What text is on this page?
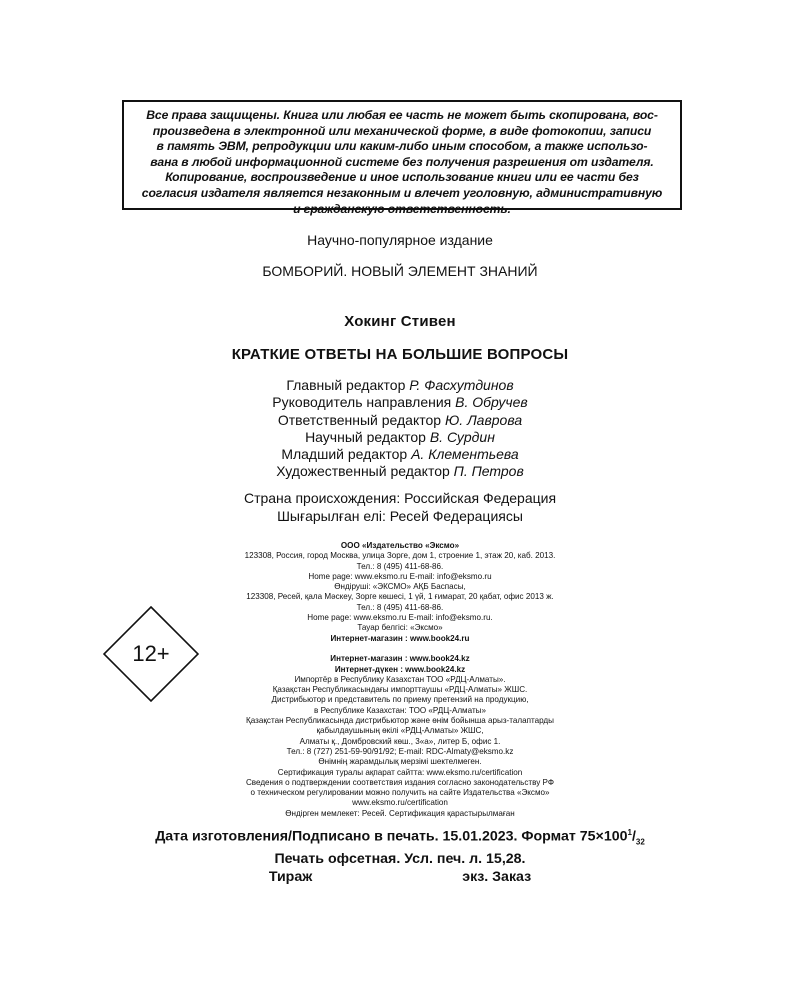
Все права защищены. Книга или любая ее часть не может быть скопирована, вос-
произведена в электронной или механической форме, в виде фотокопии, записи
в память ЭВМ, репродукции или каким-либо иным способом, а также использо-
вана в любой информационной системе без получения разрешения от издателя.
Копирование, воспроизведение и иное использование книги или ее части без
согласия издателя является незаконным и влечет уголовную, административную
и гражданскую ответственность.
Научно-популярное издание
БОМБОРИЙ. НОВЫЙ ЭЛЕМЕНТ ЗНАНИЙ
Хокинг Стивен
КРАТКИЕ ОТВЕТЫ НА БОЛЬШИЕ ВОПРОСЫ
Главный редактор Р. Фасхутдинов
Руководитель направления В. Обручев
Ответственный редактор Ю. Лаврова
Научный редактор В. Сурдин
Младший редактор А. Клементьева
Художественный редактор П. Петров
Страна происхождения: Российская Федерация
Шығарылған елі: Ресей Федерациясы
12+
ООО «Издательство «Эксмо»
123308, Россия, город Москва, улица Зорге, дом 1, строение 1, этаж 20, каб. 2013.
Тел.: 8 (495) 411-68-86.
Home page: www.eksmo.ru E-mail: info@eksmo.ru
Өндіруші: «ЭКСМО» АҚБ Баспасы,
123308, Ресей, қала Мәскеу, Зорге көшесі, 1 үй, 1 ғимарат, 20 қабат, офис 2013 ж.
Тел.: 8 (495) 411-68-86.
Home page: www.eksmo.ru E-mail: info@eksmo.ru.
Тауар белгісі: «Эксмо»
Интернет-магазин : www.book24.ru

Интернет-магазин : www.book24.kz
Интернет-дүкен : www.book24.kz
Импортёр в Республику Казахстан ТОО «РДЦ-Алматы».
Қазақстан Республикасындағы импорттаушы «РДЦ-Алматы» ЖШС.
Дистрибьютор и представитель по приему претензий на продукцию,
в Республике Казахстан: ТОО «РДЦ-Алматы»
Қазақстан Республикасында дистрибьютор және өнім бойынша арыз-талаптарды
қабылдаушының өкілі «РДЦ-Алматы» ЖШС,
Алматы қ., Домбровский көш., 3«а», литер Б, офис 1.
Тел.: 8 (727) 251-59-90/91/92; E-mail: RDC-Almaty@eksmo.kz
Өнімнің жарамдылық мерзімі шектелмеген.
Сертификация туралы ақпарат сайтта: www.eksmo.ru/certification
Сведения о подтверждении соответствия издания согласно законодательству РФ
о техническом регулировании можно получить на сайте Издательства «Эксмо»
www.eksmo.ru/certification
Өндірген мемлекет: Ресей. Сертификация қарастырылмаған
Дата изготовления/Подписано в печать. 15.01.2023. Формат $75\times 100^1/_{32}$
Печать офсетная. Усл. печ. л. 15,28.
Тираж	экз. Заказ
